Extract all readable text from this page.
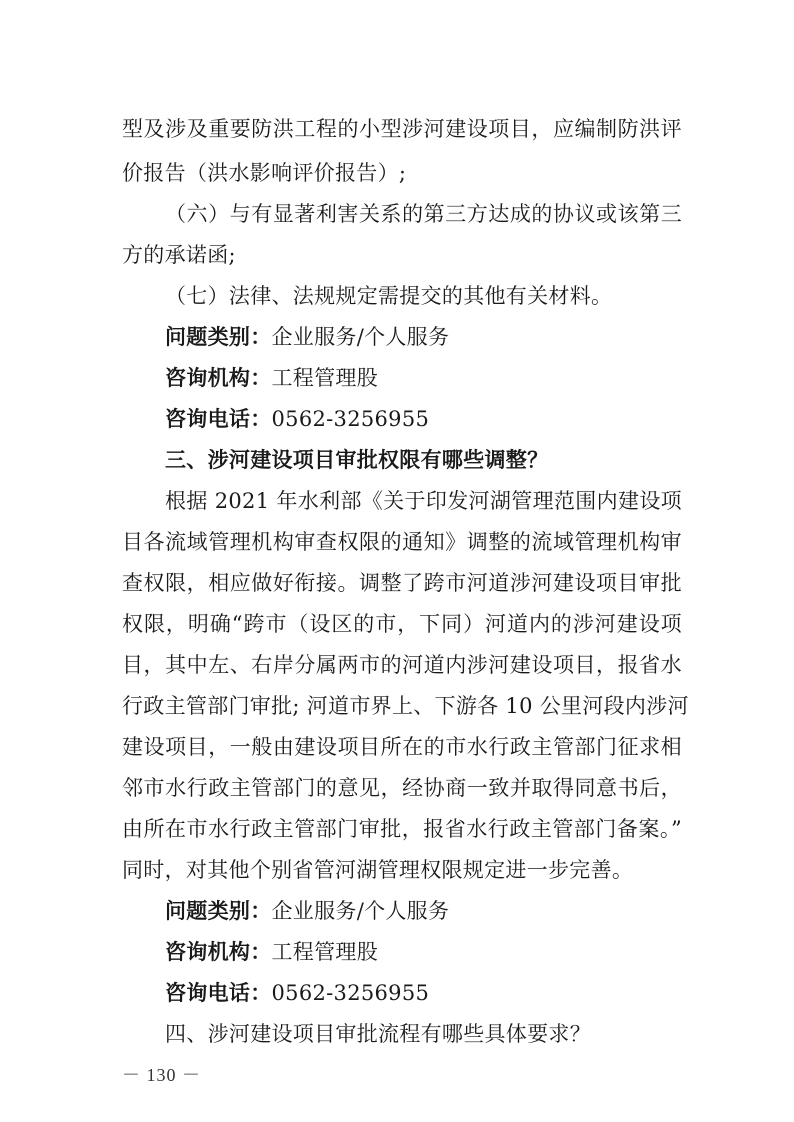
型及涉及重要防洪工程的小型涉河建设项目，应编制防洪评
价报告（洪水影响评价报告）;
（六）与有显著利害关系的第三方达成的协议或该第三
方的承诺函;
（七）法律、法规规定需提交的其他有关材料。
问题类别：企业服务/个人服务
咨询机构：工程管理股
咨询电话：0562-3256955
三、涉河建设项目审批权限有哪些调整？
根据 2021 年水利部《关于印发河湖管理范围内建设项
目各流域管理机构审查权限的通知》调整的流域管理机构审
查权限，相应做好衔接。调整了跨市河道涉河建设项目审批
权限，明确“跨市（设区的市，下同）河道内的涉河建设项
目，其中左、右岸分属两市的河道内涉河建设项目，报省水
行政主管部门审批; 河道市界上、下游各 10 公里河段内涉河
建设项目，一般由建设项目所在的市水行政主管部门征求相
邻市水行政主管部门的意见，经协商一致并取得同意书后，
由所在市水行政主管部门审批，报省水行政主管部门备案。”
同时，对其他个别省管河湖管理权限规定进一步完善。
问题类别：企业服务/个人服务
咨询机构：工程管理股
咨询电话：0562-3256955
四、涉河建设项目审批流程有哪些具体要求？
－ 130 －
